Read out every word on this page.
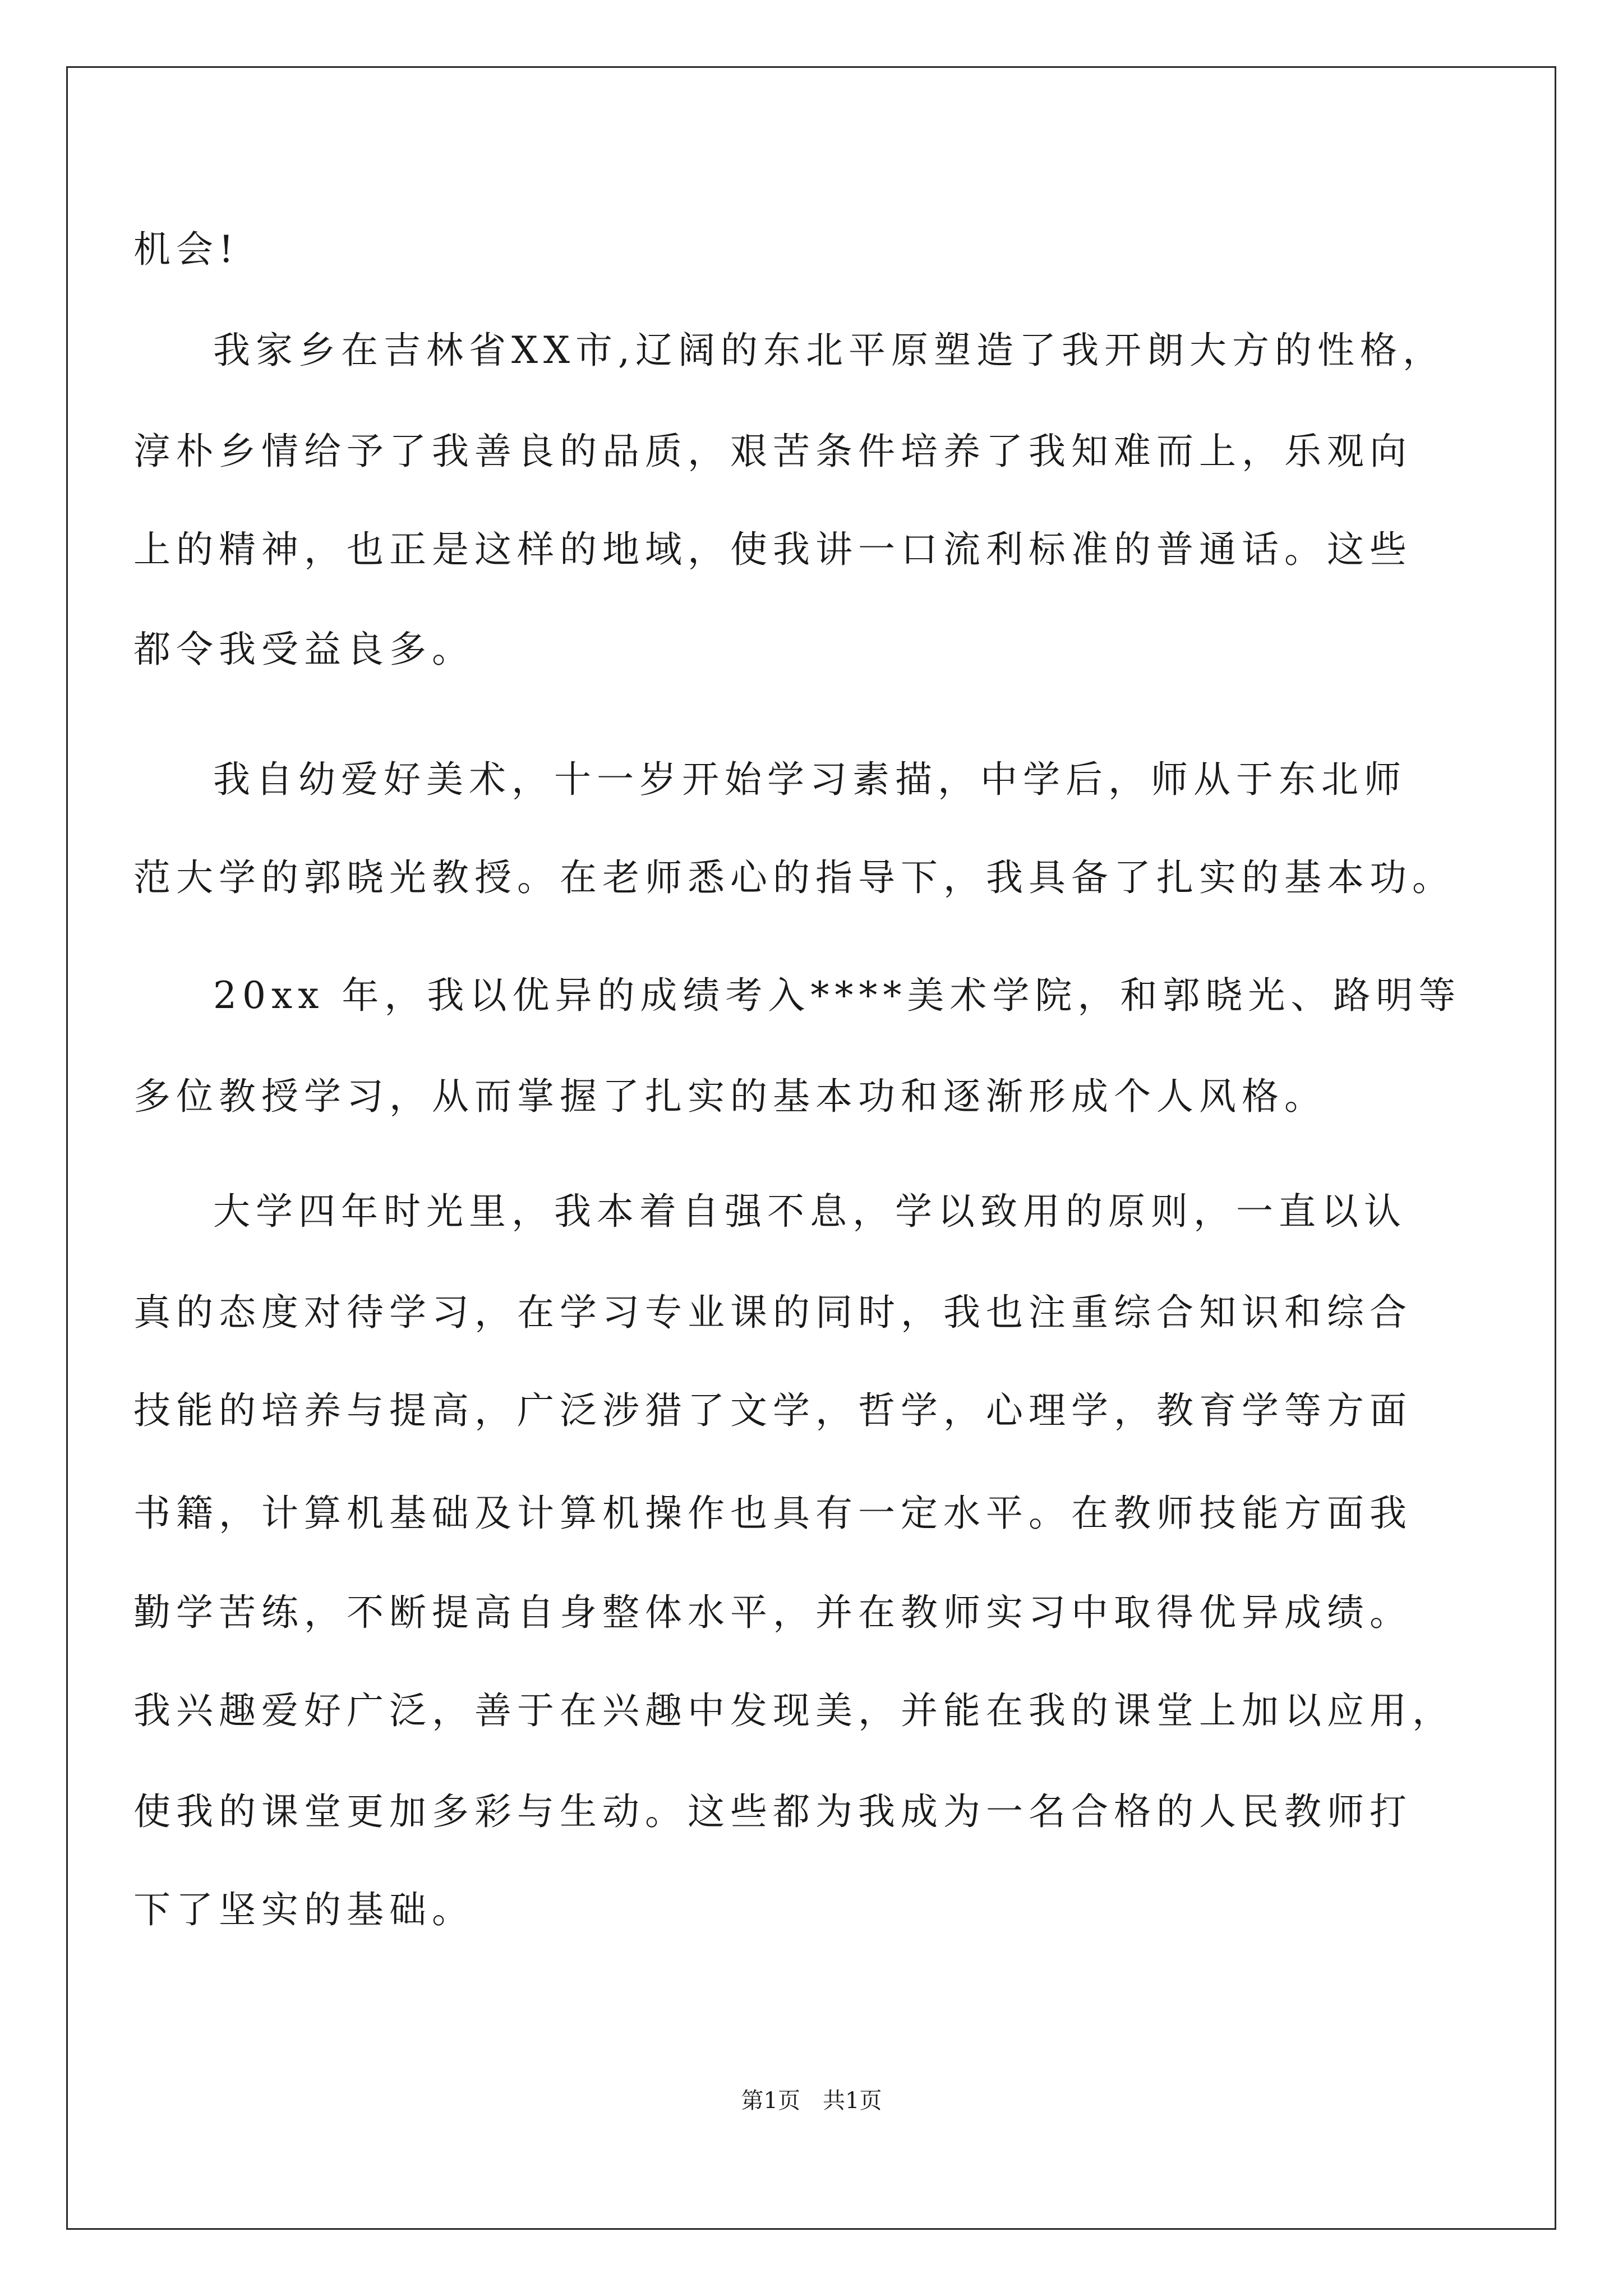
机会!
我家乡在吉林省XX市,辽阔的东北平原塑造了我开朗大方的性格，
淳朴乡情给予了我善良的品质，艰苦条件培养了我知难而上，乐观向
上的精神，也正是这样的地域，使我讲一口流利标准的普通话。这些
都令我受益良多。
我自幼爱好美术，十一岁开始学习素描，中学后，师从于东北师
范大学的郭晓光教授。在老师悉心的指导下，我具备了扎实的基本功。
20xx 年，我以优异的成绩考入****美术学院，和郭晓光、路明等
多位教授学习，从而掌握了扎实的基本功和逐渐形成个人风格。
大学四年时光里，我本着自强不息，学以致用的原则，一直以认
真的态度对待学习，在学习专业课的同时，我也注重综合知识和综合
技能的培养与提高，广泛涉猎了文学，哲学，心理学，教育学等方面
书籍，计算机基础及计算机操作也具有一定水平。在教师技能方面我
勤学苦练，不断提高自身整体水平，并在教师实习中取得优异成绩。
我兴趣爱好广泛，善于在兴趣中发现美，并能在我的课堂上加以应用，
使我的课堂更加多彩与生动。这些都为我成为一名合格的人民教师打
下了坚实的基础。
第1页 共1页
